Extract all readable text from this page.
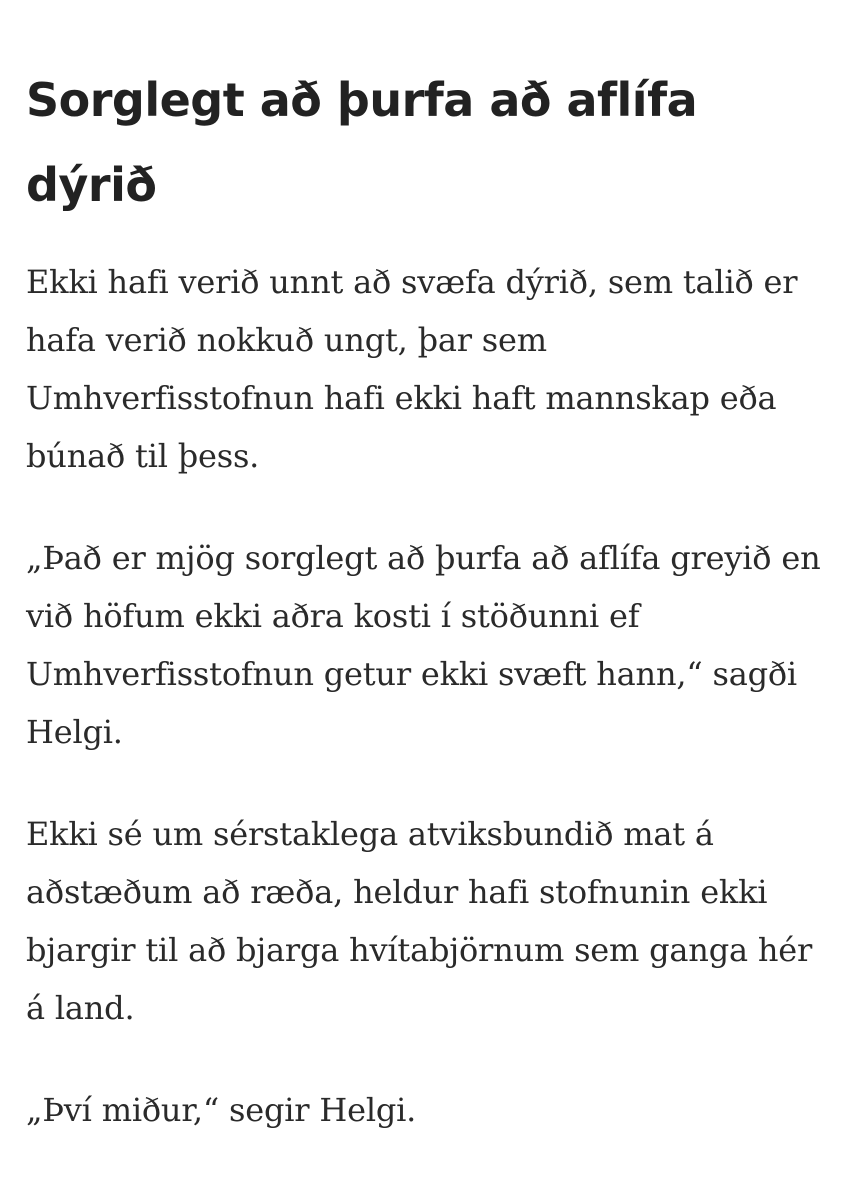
Sorglegt að þurfa að aflífa dýrið

Ekki hafi verið unnt að svæfa dýrið, sem talið er hafa verið nokkuð ungt, þar sem Umhverfisstofnun hafi ekki haft mannskap eða búnað til þess.

„Það er mjög sorglegt að þurfa að aflífa greyið en við höfum ekki aðra kosti í stöðunni ef Umhverfisstofnun getur ekki svæft hann,“ sagði Helgi.

Ekki sé um sérstaklega atviksbundið mat á aðstæðum að ræða, heldur hafi stofnunin ekki bjargir til að bjarga hvítabjörnum sem ganga hér á land.

„Því miður,“ segir Helgi.
